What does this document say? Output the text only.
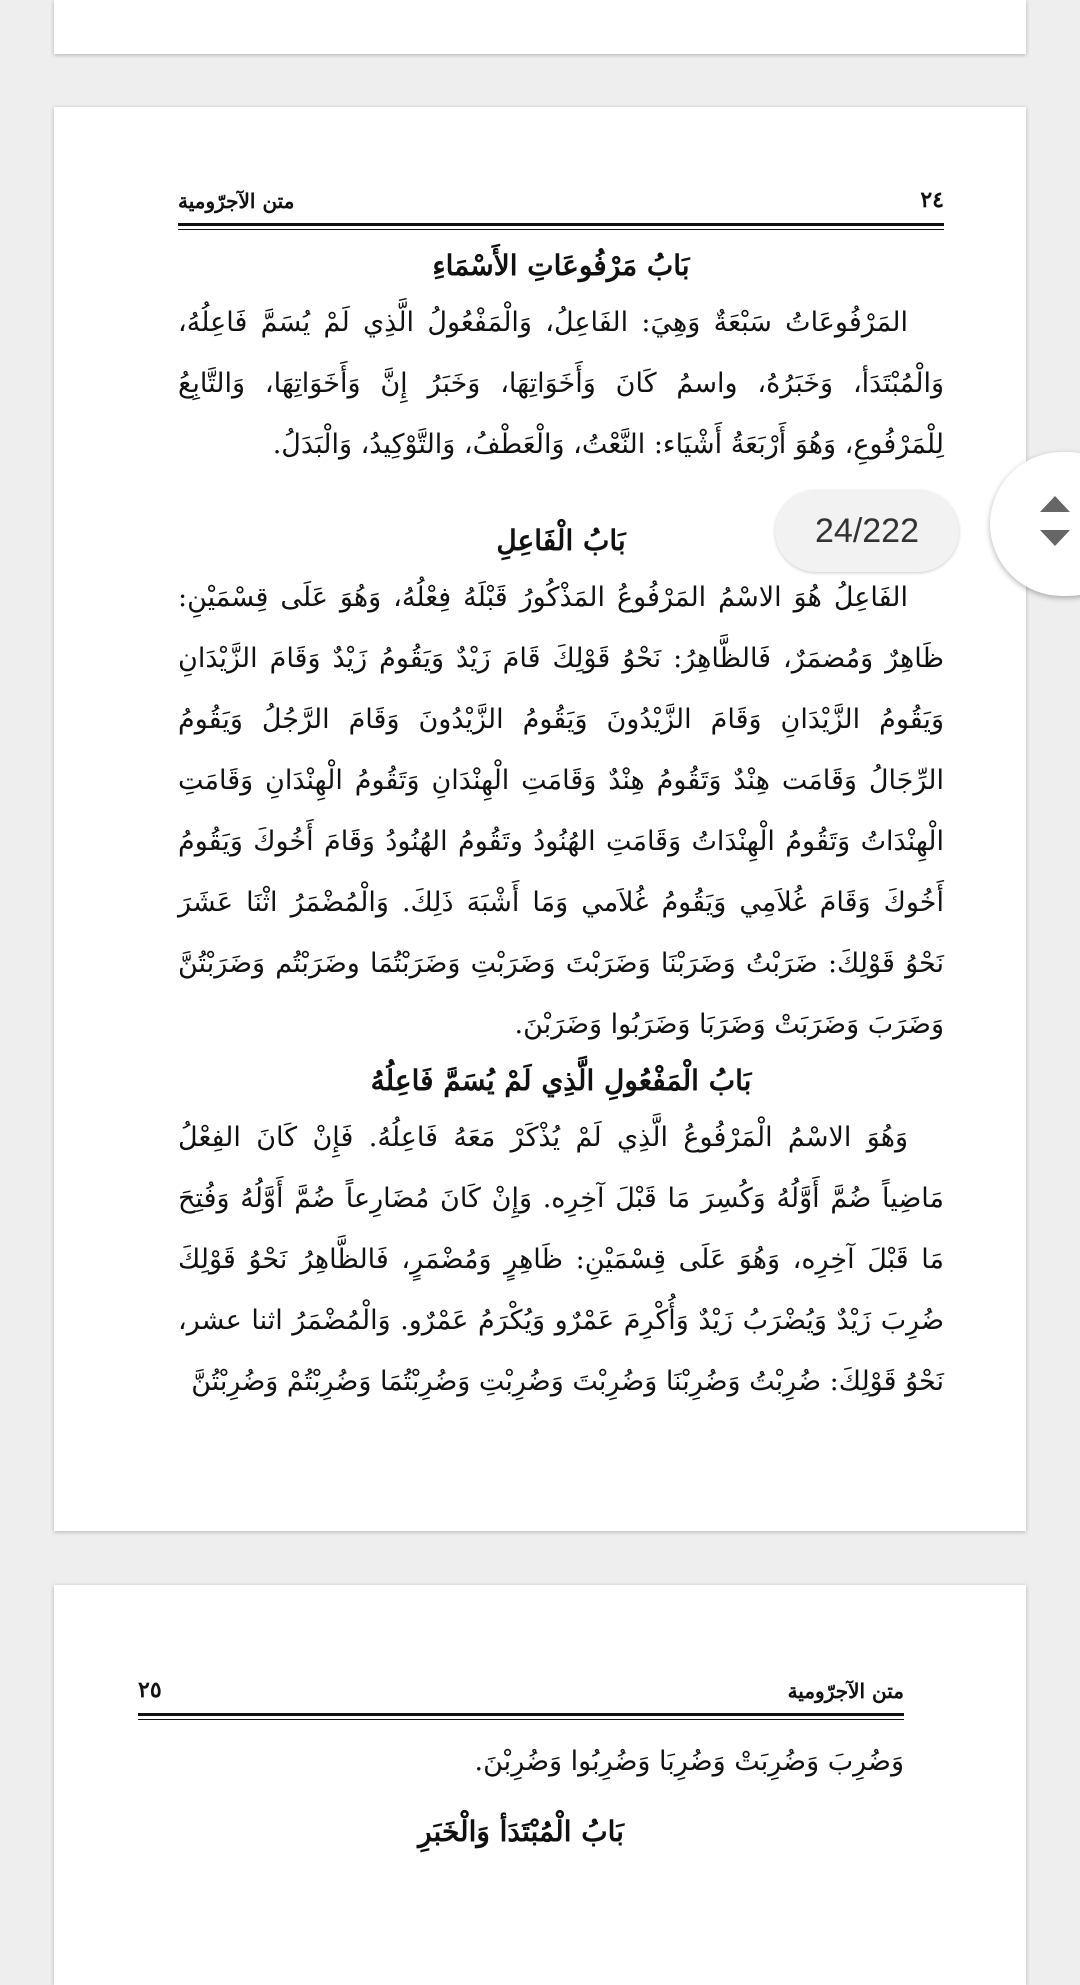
٢٤
متن الآجرّومية
بَابُ مَرْفُوعَاتِ الأَسْمَاءِ
المَرْفُوعَاتُ سَبْعَةٌ وَهِيَ: الفَاعِلُ، وَالْمَفْعُولُ الَّذِي لَمْ يُسَمَّ فَاعِلُهُ، وَالْمُبْتَدَأ، وَخَبَرُهُ، واسمُ كَانَ وَأَخَوَاتِهَا، وَخَبَرُ إِنَّ وَأَخَوَاتِهَا، وَالتَّابِعُ لِلْمَرْفُوعِ، وَهُوَ أَرْبَعَةُ أَشْيَاء: النَّعْتُ، وَالْعَطْفُ، وَالتَّوْكِيدُ، وَالْبَدَلُ.
بَابُ الْفَاعِلِ
الفَاعِلُ هُوَ الاسْمُ المَرْفُوعُ المَذْكُورُ قَبْلَهُ فِعْلُهُ، وَهُوَ عَلَى قِسْمَيْنِ: ظَاهِرٌ وَمُضمَرٌ، فَالظَّاهِرُ: نَحْوُ قَوْلِكَ قَامَ زَيْدٌ وَيَقُومُ زَيْدٌ وَقَامَ الزَّيْدَانِ وَيَقُومُ الزَّيْدَانِ وَقَامَ الزَّيْدُونَ وَيَقُومُ الزَّيْدُونَ وَقَامَ الرَّجُلُ وَيَقُومُ الرِّجَالُ وَقَامَت هِنْدٌ وَتَقُومُ هِنْدٌ وَقَامَتِ الْهِنْدَانِ وَتَقُومُ الْهِنْدَانِ وَقَامَتِ الْهِنْدَاتُ وَتَقُومُ الْهِنْدَاتُ وَقَامَتِ الهُنُودُ وتَقُومُ الهُنُودُ وَقَامَ أَخُوكَ وَيَقُومُ أَخُوكَ وَقَامَ غُلاَمِي وَيَقُومُ غُلاَمي وَمَا أَشْبَهَ ذَلِكَ. وَالْمُضْمَرُ اثْنَا عَشَرَ نَحْوُ قَوْلِكَ: ضَرَبْتُ وَضَرَبْنَا وَضَرَبْتَ وَضَرَبْتِ وَضَرَبْتُمَا وضَرَبْتُم وَضَرَبْتُنَّ وَضَرَبَ وَضَرَبَتْ وَضَرَبَا وَضَرَبُوا وَضَرَبْنَ.
بَابُ الْمَفْعُولِ الَّذِي لَمْ يُسَمَّ فَاعِلُهُ
وَهُوَ الاسْمُ الْمَرْفُوعُ الَّذِي لَمْ يُذْكَرْ مَعَهُ فَاعِلُهُ. فَإِنْ كَانَ الفِعْلُ مَاضِياً ضُمَّ أَوَّلُهُ وَكُسِرَ مَا قَبْلَ آخِرِه. وَإِنْ كَانَ مُضَارِعاً ضُمَّ أَوَّلُهُ وَفُتِحَ مَا قَبْلَ آخِرِه، وَهُوَ عَلَى قِسْمَيْنِ: ظَاهِرٍ وَمُضْمَرٍ، فَالظَّاهِرُ نَحْوُ قَوْلِكَ ضُرِبَ زَيْدٌ وَيُضْرَبُ زَيْدٌ وَأُكْرِمَ عَمْرٌو وَيُكْرَمُ عَمْرٌو. وَالْمُضْمَرُ اثنا عشر، نَحْوُ قَوْلِكَ: ضُرِبْتُ وَضُرِبْنَا وَضُرِبْتَ وَضُرِبْتِ وَضُرِبْتُمَا وَضُرِبْتُمْ وَضُرِبْتُنَّ
٢٥	متن الآجرّومية
وَضُرِبَ وَضُرِبَتْ وَضُرِبَا وَضُرِبُوا وَضُرِبْنَ.
بَابُ الْمُبْتَدَأ وَالْخَبَرِ
24/222
